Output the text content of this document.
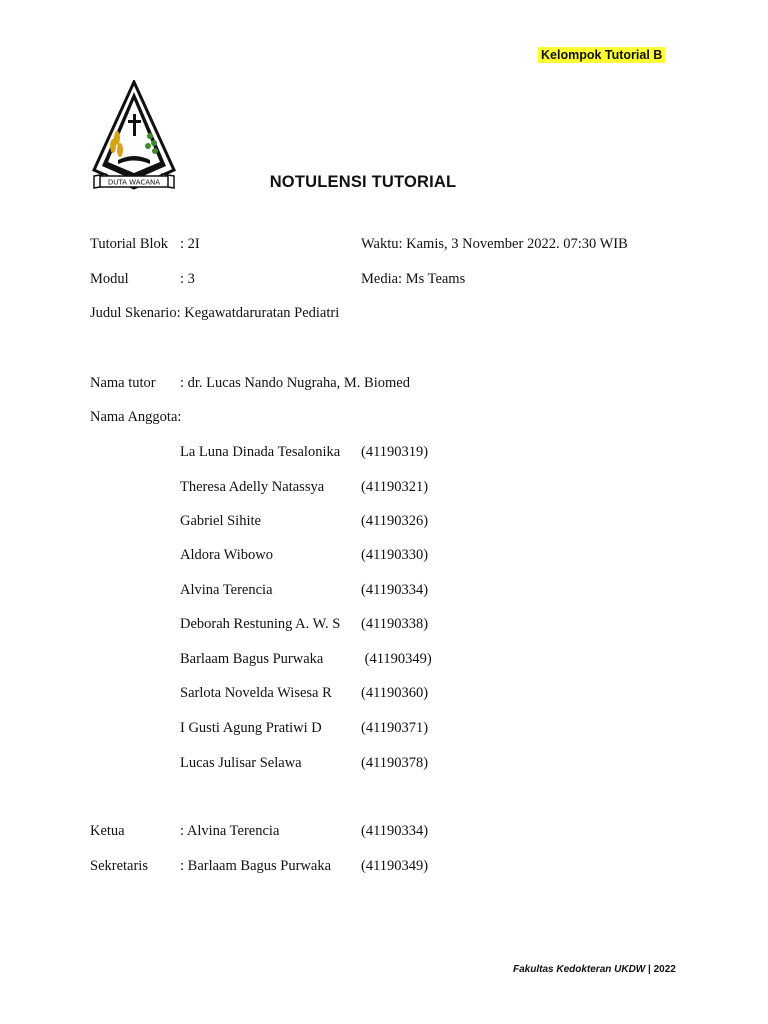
Kelompok Tutorial B
DUTA WACANA	NOTULENSI TUTORIAL
Tutorial Blok : 2I	Waktu: Kamis, 3 November 2022. 07:30 WIB
Modul	: 3	Media: Ms Teams
Judul Skenario: Kegawatdaruratan Pediatri
Nama tutor : dr. Lucas Nando Nugraha, M. Biomed
Nama Anggota:
La Luna Dinada Tesalonika (41190319)
Theresa Adelly Natassya	(41190321)
Gabriel Sihite	(41190326)
Aldora Wibowo	(41190330)
Alvina Terencia	(41190334)
Deborah Restuning A. W. S (41190338)
Barlaam Bagus Purwaka	(41190349)
Sarlota Novelda Wisesa R (41190360)
I Gusti Agung Pratiwi D	(41190371)
Lucas Julisar Selawa	(41190378)
Ketua	: Alvina Terencia	(41190334)
Sekretaris : Barlaam Bagus Purwaka (41190349)
Fakultas Kedokteran UKDW | 2022
